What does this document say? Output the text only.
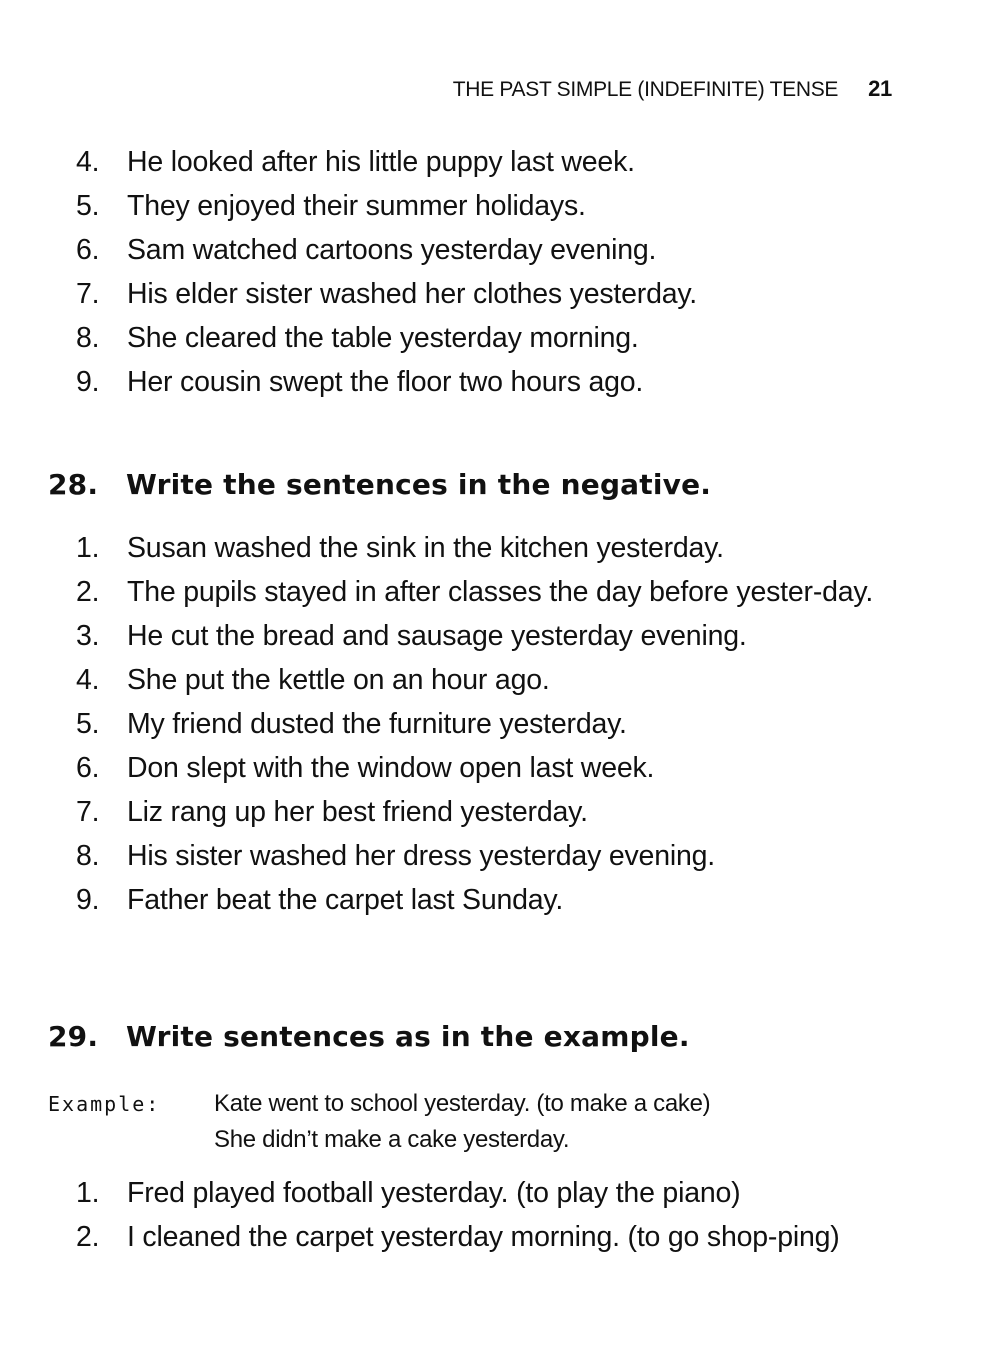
THE PAST SIMPLE (INDEFINITE) TENSE 21
4. He looked after his little puppy last week.
5. They enjoyed their summer holidays.
6. Sam watched cartoons yesterday evening.
7. His elder sister washed her clothes yesterday.
8. She cleared the table yesterday morning.
9. Her cousin swept the floor two hours ago.
28. Write the sentences in the negative.
1. Susan washed the sink in the kitchen yesterday.
2. The pupils stayed in after classes the day before yester-day.
3. He cut the bread and sausage yesterday evening.
4. She put the kettle on an hour ago.
5. My friend dusted the furniture yesterday.
6. Don slept with the window open last week.
7. Liz rang up her best friend yesterday.
8. His sister washed her dress yesterday evening.
9. Father beat the carpet last Sunday.
29. Write sentences as in the example.
Example:	Kate went to school yesterday. (to make a cake)
She didn’t make a cake yesterday.
1. Fred played football yesterday. (to play the piano)
2. I cleaned the carpet yesterday morning. (to go shop-ping)
